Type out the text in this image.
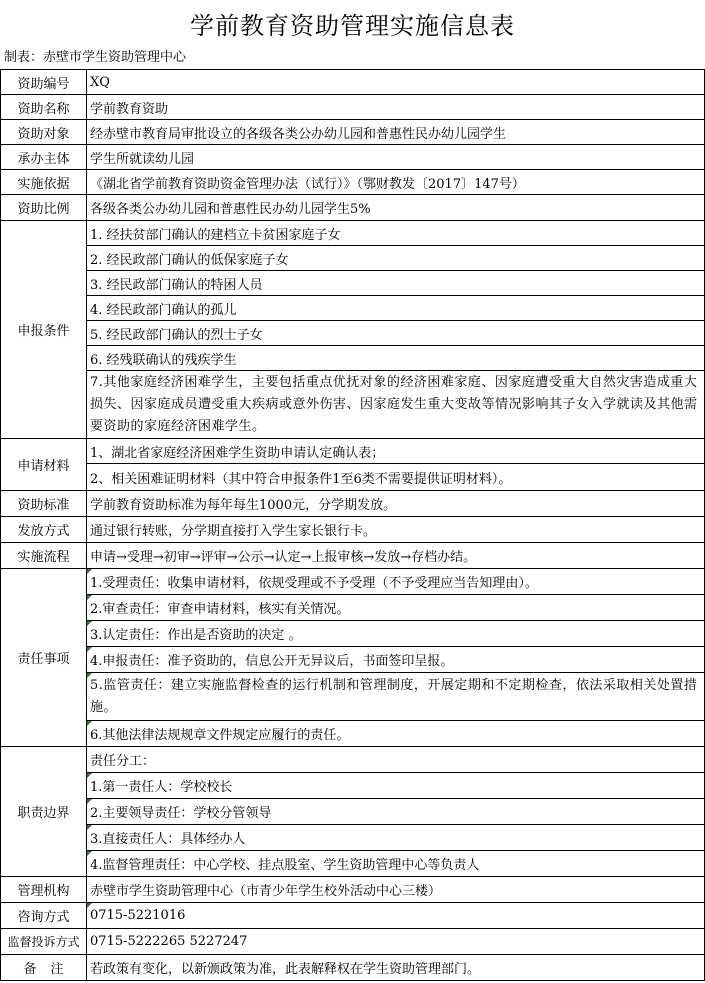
学前教育资助管理实施信息表
制表：赤壁市学生资助管理中心
资助编号	XQ
资助名称	学前教育资助
资助对象	经赤壁市教育局审批设立的各级各类公办幼儿园和普惠性民办幼儿园学生
承办主体	学生所就读幼儿园
实施依据	《湖北省学前教育资助资金管理办法（试行）》（鄂财教发〔2017〕147号）
资助比例	各级各类公办幼儿园和普惠性民办幼儿园学生5%
申报条件	1. 经扶贫部门确认的建档立卡贫困家庭子女
	2. 经民政部门确认的低保家庭子女
	3. 经民政部门确认的特困人员
	4. 经民政部门确认的孤儿
	5. 经民政部门确认的烈士子女
	6. 经残联确认的残疾学生
	7.其他家庭经济困难学生，主要包括重点优抚对象的经济困难家庭、因家庭遭受重大自然灾害造成重大损失、因家庭成员遭受重大疾病或意外伤害、因家庭发生重大变故等情况影响其子女入学就读及其他需要资助的家庭经济困难学生。
申请材料	1、湖北省家庭经济困难学生资助申请认定确认表；
	2、相关困难证明材料（其中符合申报条件1至6类不需要提供证明材料）。
资助标准	学前教育资助标准为每年每生1000元，分学期发放。
发放方式	通过银行转账，分学期直接打入学生家长银行卡。
实施流程	申请→受理→初审→评审→公示→认定→上报审核→发放→存档办结。
责任事项	1.受理责任：收集申请材料，依规受理或不予受理（不予受理应当告知理由）。
	2.审查责任：审查申请材料，核实有关情况。
	3.认定责任：作出是否资助的决定 。
	4.申报责任：准予资助的，信息公开无异议后，书面签印呈报。
	5.监管责任：建立实施监督检查的运行机制和管理制度，开展定期和不定期检查，依法采取相关处置措施。
	6.其他法律法规规章文件规定应履行的责任。
职责边界	责任分工：
	1.第一责任人：学校校长
	2.主要领导责任：学校分管领导
	3.直接责任人：具体经办人
	4.监督管理责任：中心学校、挂点股室、学生资助管理中心等负责人
管理机构	赤壁市学生资助管理中心（市青少年学生校外活动中心三楼）
咨询方式	0715-5221016
监督投诉方式	0715-5222265 5227247
备注	若政策有变化，以新颁政策为准，此表解释权在学生资助管理部门。
